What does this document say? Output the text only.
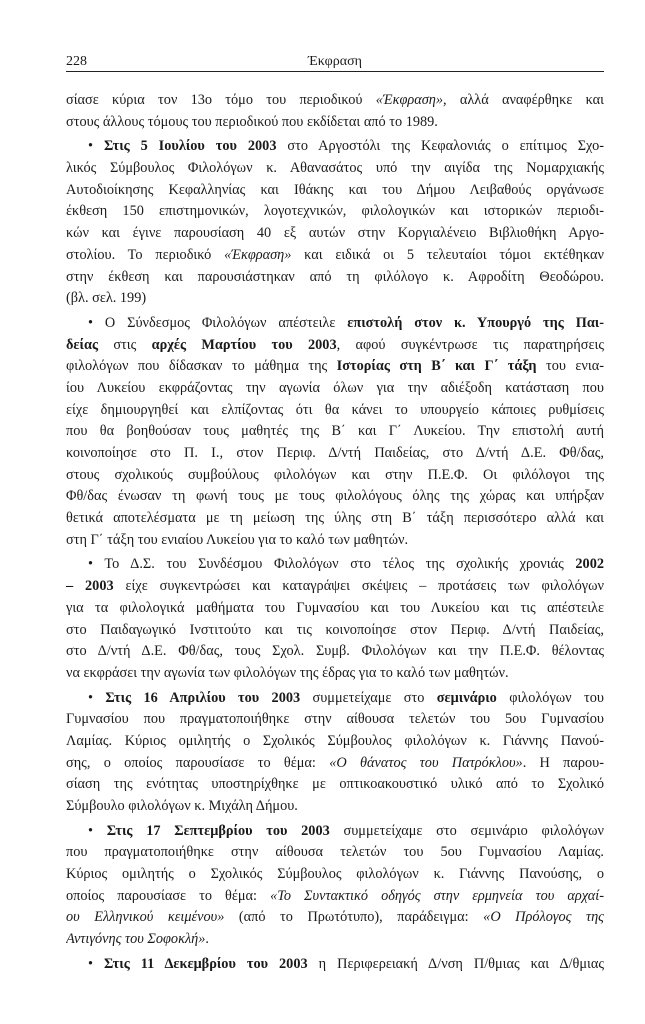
228	Έκφραση
σίασε κύρια τον 13ο τόμο του περιοδικού «Έκφραση», αλλά αναφέρθηκε και
στους άλλους τόμους του περιοδικού που εκδίδεται από το 1989.
• Στις 5 Ιουλίου του 2003 στο Αργοστόλι της Κεφαλονιάς ο επίτιμος Σχο-
λικός Σύμβουλος Φιλολόγων κ. Αθανασάτος υπό την αιγίδα της Νομαρχιακής
Αυτοδιοίκησης Κεφαλληνίας και Ιθάκης και του Δήμου Λειβαθούς οργάνωσε
έκθεση 150 επιστημονικών, λογοτεχνικών, φιλολογικών και ιστορικών περιοδι-
κών και έγινε παρουσίαση 40 εξ αυτών στην Κοργιαλένειο Βιβλιοθήκη Αργο-
στολίου. Το περιοδικό «Έκφραση» και ειδικά οι 5 τελευταίοι τόμοι εκτέθηκαν
στην έκθεση και παρουσιάστηκαν από τη φιλόλογο κ. Αφροδίτη Θεοδώρου.
(βλ. σελ. 199)
• Ο Σύνδεσμος Φιλολόγων απέστειλε επιστολή στον κ. Υπουργό της Παι-
δείας στις αρχές Μαρτίου του 2003, αφού συγκέντρωσε τις παρατηρήσεις
φιλολόγων που δίδασκαν το μάθημα της Ιστορίας στη Β΄ και Γ΄ τάξη του ενια-
ίου Λυκείου εκφράζοντας την αγωνία όλων για την αδιέξοδη κατάσταση που
είχε δημιουργηθεί και ελπίζοντας ότι θα κάνει το υπουργείο κάποιες ρυθμίσεις
που θα βοηθούσαν τους μαθητές της Β΄ και Γ΄ Λυκείου. Την επιστολή αυτή
κοινοποίησε στο Π. Ι., στον Περιφ. Δ/ντή Παιδείας, στο Δ/ντή Δ.Ε. Φθ/δας,
στους σχολικούς συμβούλους φιλολόγων και στην Π.Ε.Φ. Οι φιλόλογοι της
Φθ/δας ένωσαν τη φωνή τους με τους φιλολόγους όλης της χώρας και υπήρξαν
θετικά αποτελέσματα με τη μείωση της ύλης στη Β΄ τάξη περισσότερο αλλά και
στη Γ΄ τάξη του ενιαίου Λυκείου για το καλό των μαθητών.
• Το Δ.Σ. του Συνδέσμου Φιλολόγων στο τέλος της σχολικής χρονιάς 2002
– 2003 είχε συγκεντρώσει και καταγράψει σκέψεις – προτάσεις των φιλολόγων
για τα φιλολογικά μαθήματα του Γυμνασίου και του Λυκείου και τις απέστειλε
στο Παιδαγωγικό Ινστιτούτο και τις κοινοποίησε στον Περιφ. Δ/ντή Παιδείας,
στο Δ/ντή Δ.Ε. Φθ/δας, τους Σχολ. Συμβ. Φιλολόγων και την Π.Ε.Φ. θέλοντας
να εκφράσει την αγωνία των φιλολόγων της έδρας για το καλό των μαθητών.
• Στις 16 Απριλίου του 2003 συμμετείχαμε στο σεμινάριο φιλολόγων του
Γυμνασίου που πραγματοποιήθηκε στην αίθουσα τελετών του 5ου Γυμνασίου
Λαμίας. Κύριος ομιλητής ο Σχολικός Σύμβουλος φιλολόγων κ. Γιάννης Πανού-
σης, ο οποίος παρουσίασε το θέμα: «Ο θάνατος του Πατρόκλου». Η παρου-
σίαση της ενότητας υποστηρίχθηκε με οπτικοακουστικό υλικό από το Σχολικό
Σύμβουλο φιλολόγων κ. Μιχάλη Δήμου.
• Στις 17 Σεπτεμβρίου του 2003 συμμετείχαμε στο σεμινάριο φιλολόγων
που πραγματοποιήθηκε στην αίθουσα τελετών του 5ου Γυμνασίου Λαμίας.
Κύριος ομιλητής ο Σχολικός Σύμβουλος φιλολόγων κ. Γιάννης Πανούσης, ο
οποίος παρουσίασε το θέμα: «Το Συντακτικό οδηγός στην ερμηνεία του αρχαί-
ου Ελληνικού κειμένου» (από το Πρωτότυπο), παράδειγμα: «Ο Πρόλογος της
Αντιγόνης του Σοφοκλή».
• Στις 11 Δεκεμβρίου του 2003 η Περιφερειακή Δ/νση Π/θμιας και Δ/θμιας
